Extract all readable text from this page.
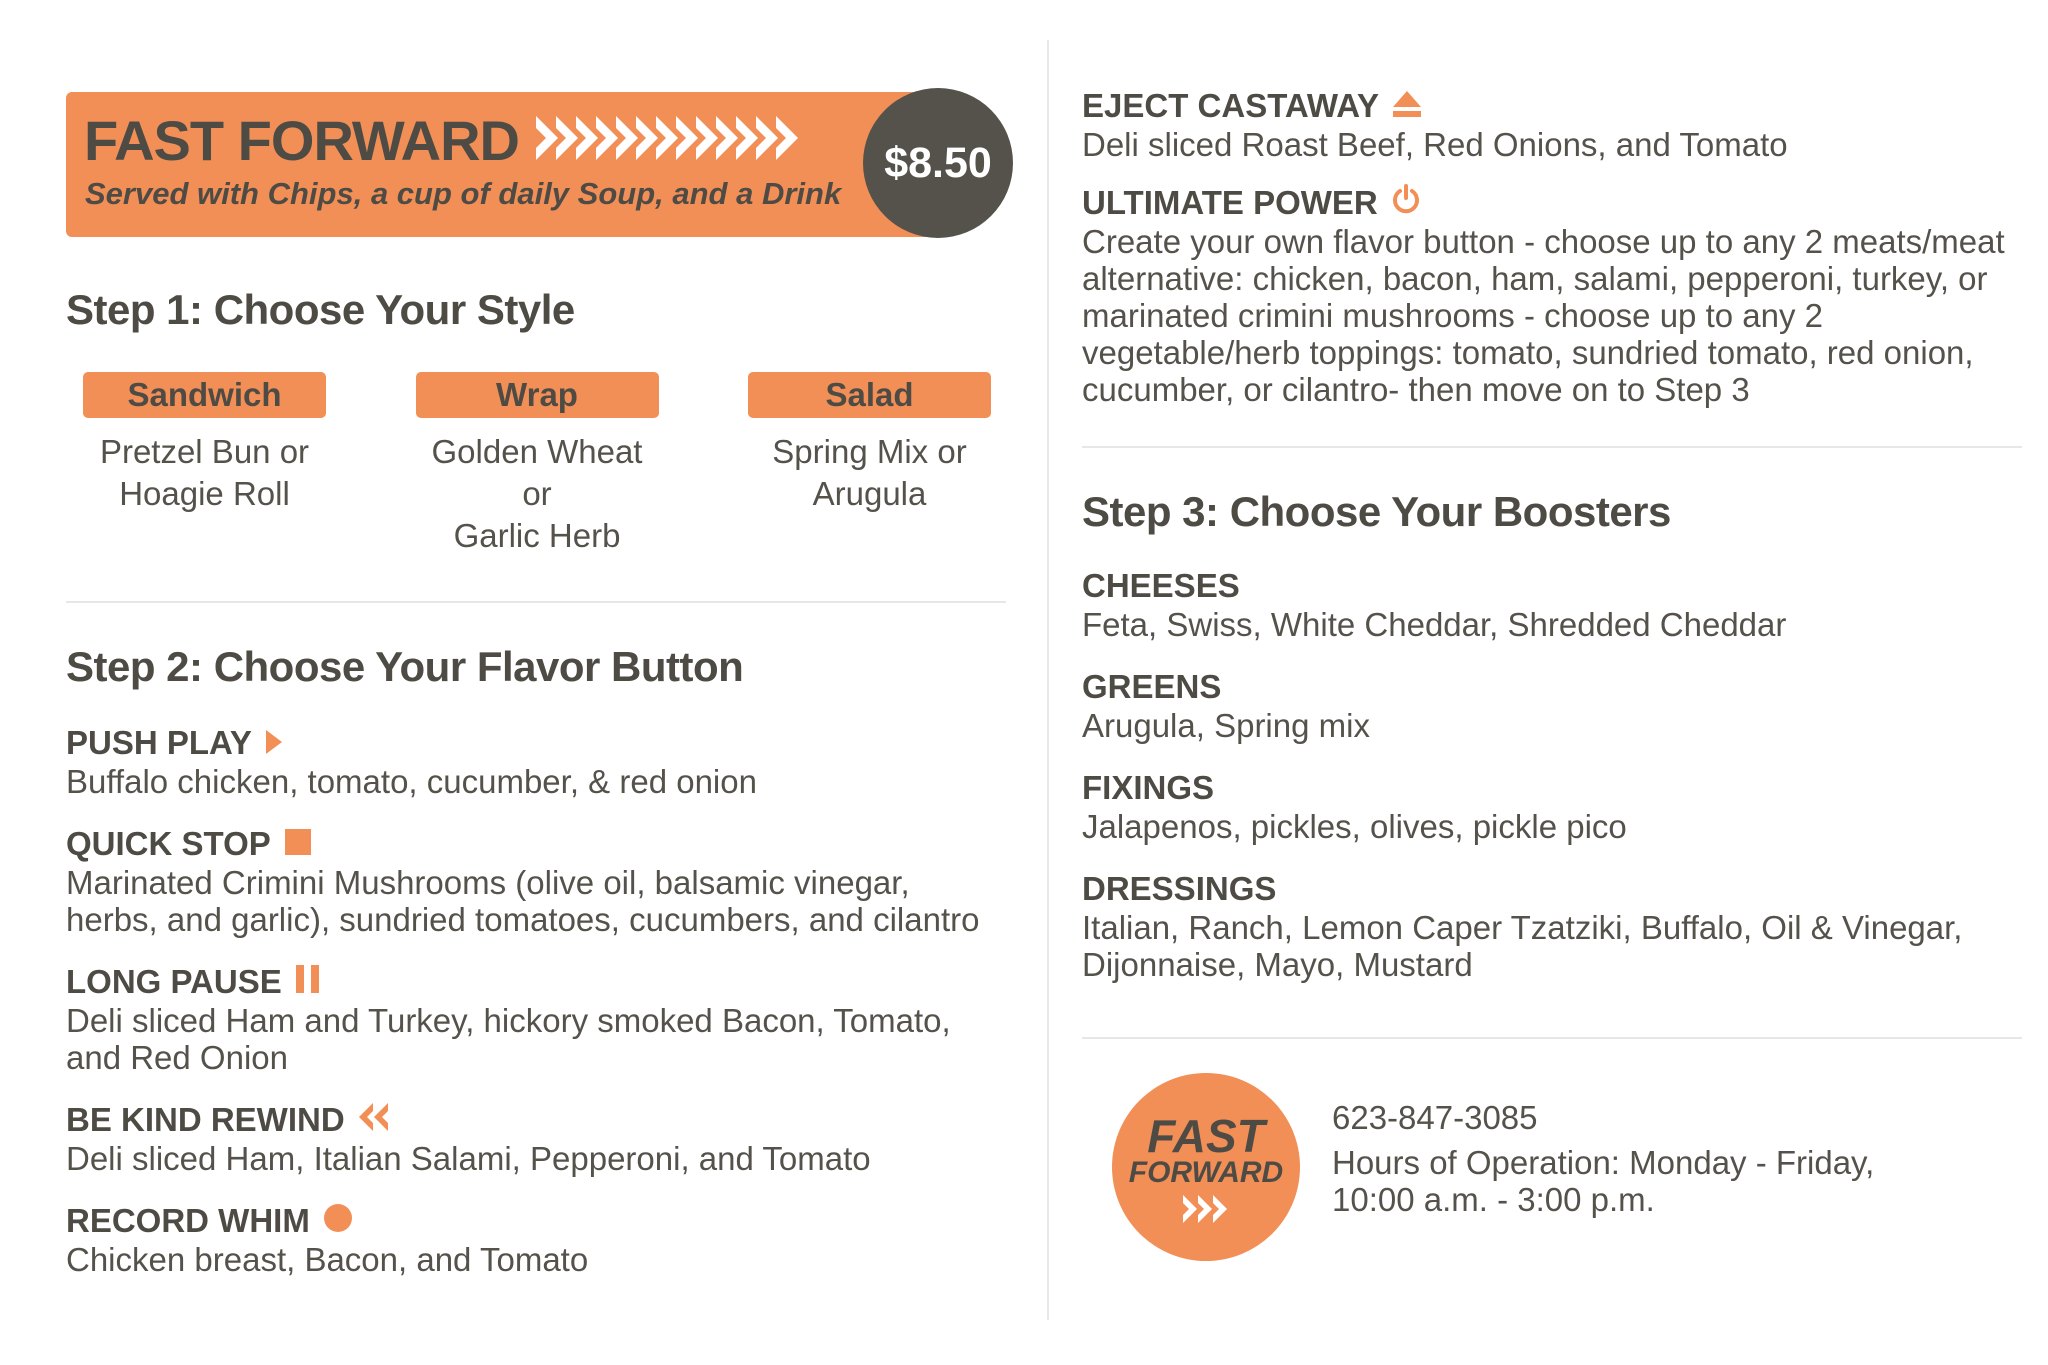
FAST FORWARD
Served with Chips, a cup of daily Soup, and a Drink
$8.50
Step 1: Choose Your Style
Sandwich
Pretzel Bun or
Hoagie Roll
Wrap
Golden Wheat or
Garlic Herb
Salad
Spring Mix or
Arugula
Step 2: Choose Your Flavor Button
PUSH PLAY
Buffalo chicken, tomato, cucumber, & red onion
QUICK STOP
Marinated Crimini Mushrooms (olive oil, balsamic vinegar, herbs, and garlic), sundried tomatoes, cucumbers, and cilantro
LONG PAUSE
Deli sliced Ham and Turkey, hickory smoked Bacon, Tomato, and Red Onion
BE KIND REWIND
Deli sliced Ham, Italian Salami, Pepperoni, and Tomato
RECORD WHIM
Chicken breast, Bacon, and Tomato
EJECT CASTAWAY
Deli sliced Roast Beef, Red Onions, and Tomato
ULTIMATE POWER
Create your own flavor button - choose up to any 2 meats/meat alternative: chicken, bacon, ham, salami, pepperoni, turkey, or marinated crimini mushrooms - choose up to any 2 vegetable/herb toppings: tomato, sundried tomato, red onion, cucumber, or cilantro- then move on to Step 3
Step 3: Choose Your Boosters
CHEESES
Feta, Swiss, White Cheddar, Shredded Cheddar
GREENS
Arugula, Spring mix
FIXINGS
Jalapenos, pickles, olives, pickle pico
DRESSINGS
Italian, Ranch, Lemon Caper Tzatziki, Buffalo, Oil & Vinegar, Dijonnaise, Mayo, Mustard
FAST
FORWARD
623-847-3085
Hours of Operation: Monday - Friday, 10:00 a.m. - 3:00 p.m.
